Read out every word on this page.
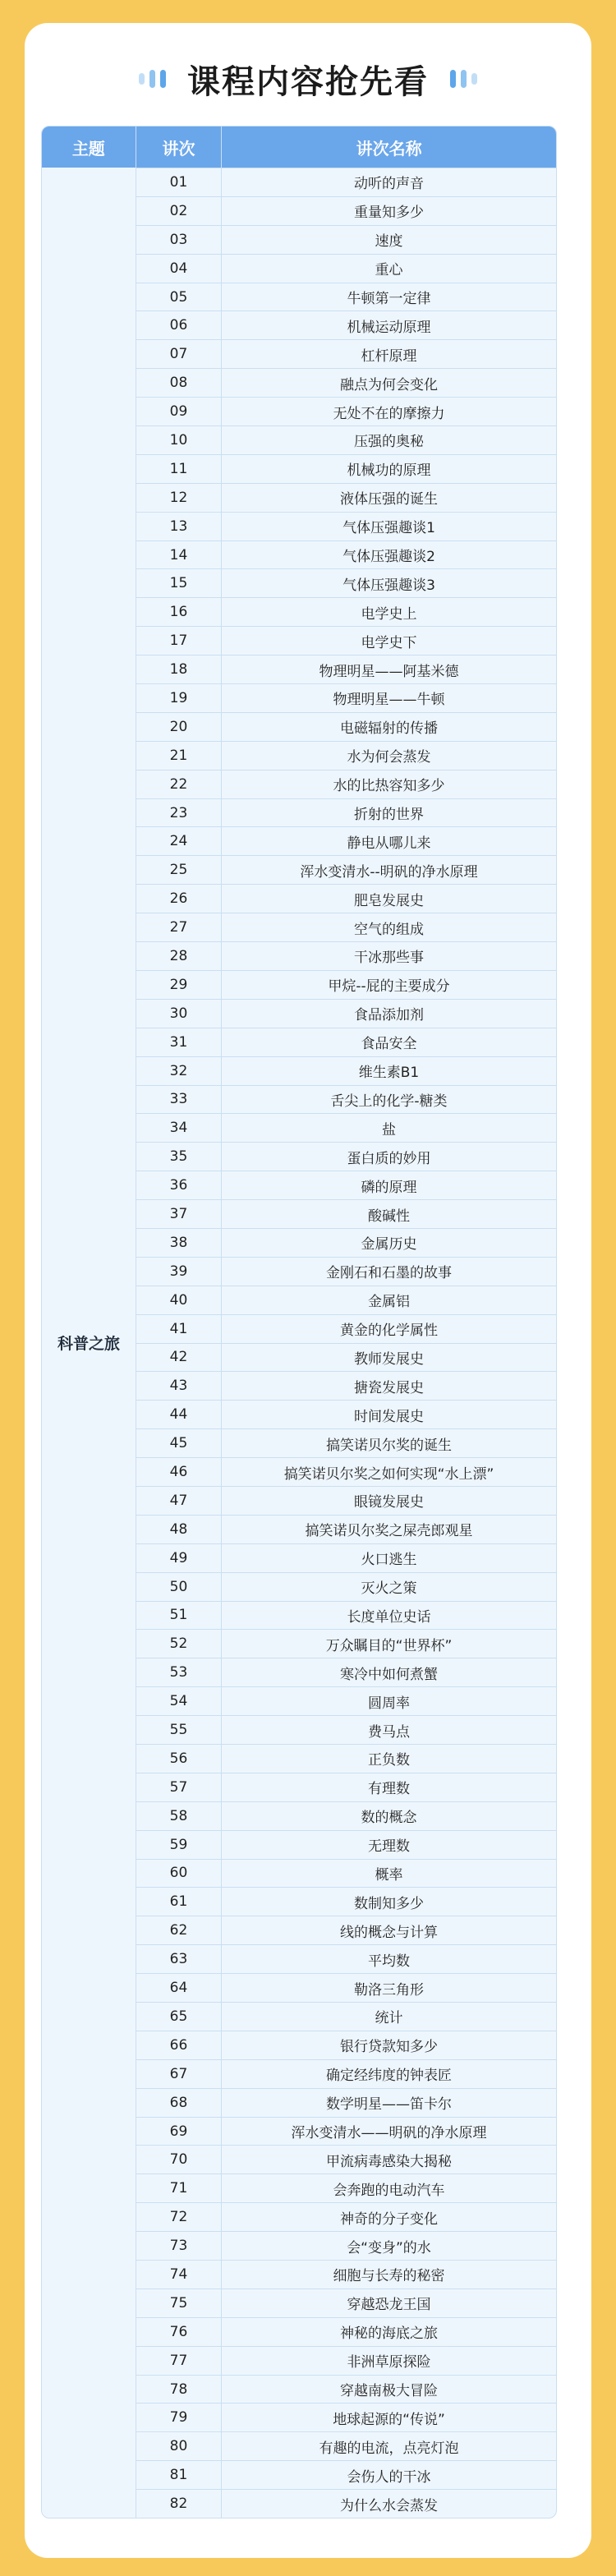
课程内容抢先看
主题	讲次	讲次名称
科普之旅
01	动听的声音
02	重量知多少
03	速度
04	重心
05	牛顿第一定律
06	机械运动原理
07	杠杆原理
08	融点为何会变化
09	无处不在的摩擦力
10	压强的奥秘
11	机械功的原理
12	液体压强的诞生
13	气体压强趣谈1
14	气体压强趣谈2
15	气体压强趣谈3
16	电学史上
17	电学史下
18	物理明星——阿基米德
19	物理明星——牛顿
20	电磁辐射的传播
21	水为何会蒸发
22	水的比热容知多少
23	折射的世界
24	静电从哪儿来
25	浑水变清水--明矾的净水原理
26	肥皂发展史
27	空气的组成
28	干冰那些事
29	甲烷--屁的主要成分
30	食品添加剂
31	食品安全
32	维生素B1
33	舌尖上的化学-糖类
34	盐
35	蛋白质的妙用
36	磷的原理
37	酸碱性
38	金属历史
39	金刚石和石墨的故事
40	金属铝
41	黄金的化学属性
42	教师发展史
43	搪瓷发展史
44	时间发展史
45	搞笑诺贝尔奖的诞生
46	搞笑诺贝尔奖之如何实现“水上漂”
47	眼镜发展史
48	搞笑诺贝尔奖之屎壳郎观星
49	火口逃生
50	灭火之策
51	长度单位史话
52	万众瞩目的“世界杯”
53	寒冷中如何煮蟹
54	圆周率
55	费马点
56	正负数
57	有理数
58	数的概念
59	无理数
60	概率
61	数制知多少
62	线的概念与计算
63	平均数
64	勒洛三角形
65	统计
66	银行贷款知多少
67	确定经纬度的钟表匠
68	数学明星——笛卡尔
69	浑水变清水——明矾的净水原理
70	甲流病毒感染大揭秘
71	会奔跑的电动汽车
72	神奇的分子变化
73	会“变身”的水
74	细胞与长寿的秘密
75	穿越恐龙王国
76	神秘的海底之旅
77	非洲草原探险
78	穿越南极大冒险
79	地球起源的“传说”
80	有趣的电流，点亮灯泡
81	会伤人的干冰
82	为什么水会蒸发
